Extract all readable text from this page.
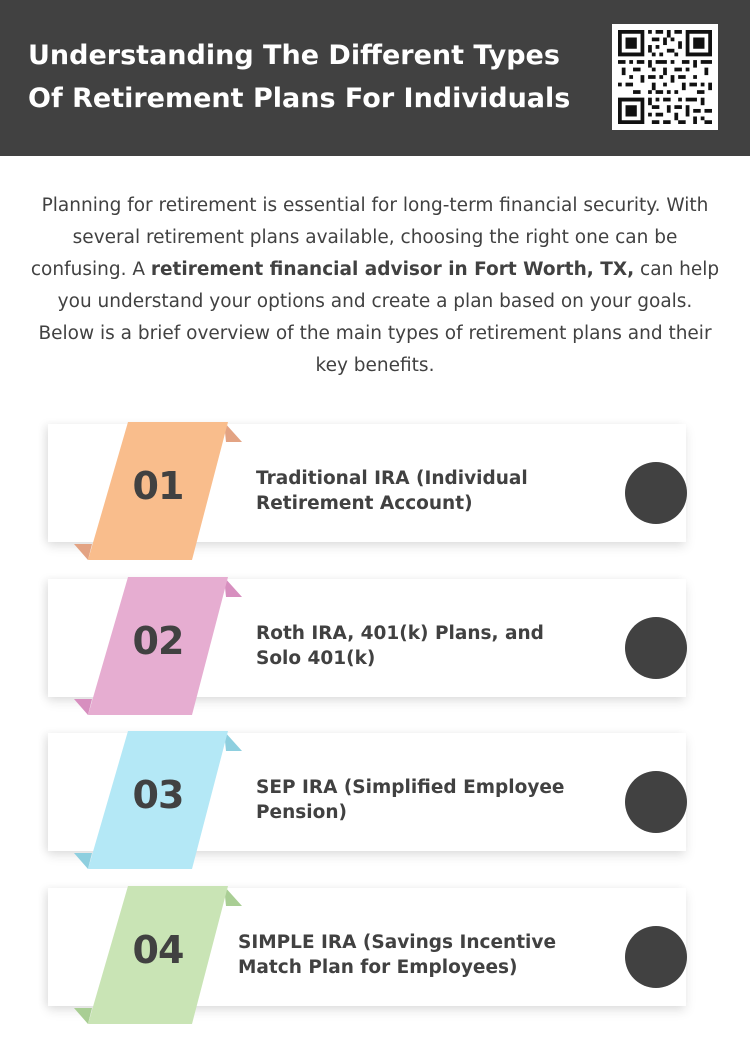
Understanding The Different Types
Of Retirement Plans For Individuals

Planning for retirement is essential for long-term financial security. With several retirement plans available, choosing the right one can be confusing. A retirement financial advisor in Fort Worth, TX, can help you understand your options and create a plan based on your goals. Below is a brief overview of the main types of retirement plans and their key benefits.

01	Traditional IRA (Individual Retirement Account)
02	Roth IRA, 401(k) Plans, and Solo 401(k)
03	SEP IRA (Simplified Employee Pension)
04	SIMPLE IRA (Savings Incentive Match Plan for Employees)
